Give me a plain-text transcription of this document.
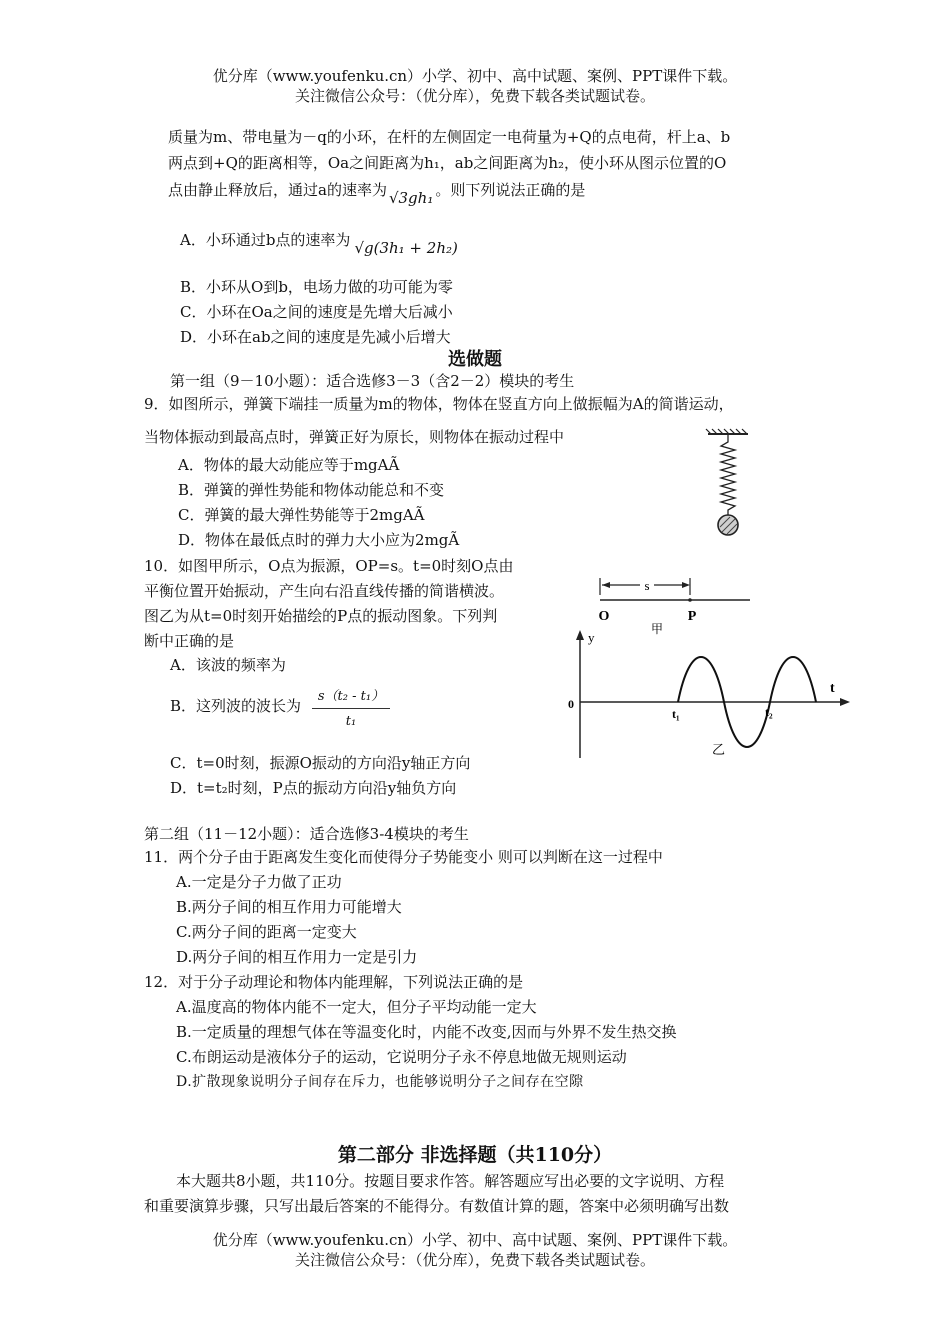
优分库（www.youfenku.cn）小学、初中、高中试题、案例、PPT课件下载。
关注微信公众号：（优分库），免费下载各类试题试卷。
质量为m、带电量为－q的小环，在杆的左侧固定一电荷量为+Q的点电荷，杆上a、b
两点到+Q的距离相等，Oa之间距离为h₁，ab之间距离为h₂，使小环从图示位置的O
点由静止释放后，通过a的速率为 √3gh₁ 。则下列说法正确的是
A．小环通过b点的速率为 √g(3h₁ + 2h₂)
B．小环从O到b，电场力做的功可能为零
C．小环在Oa之间的速度是先增大后减小
D．小环在ab之间的速度是先减小后增大
选做题
第一组（9－10小题）：适合选修3－3（含2－2）模块的考生
9．如图所示，弹簧下端挂一质量为m的物体，物体在竖直方向上做振幅为A的简谐运动，
当物体振动到最高点时，弹簧正好为原长，则物体在振动过程中
A．物体的最大动能应等于mgAÃ
B．弹簧的弹性势能和物体动能总和不变
C．弹簧的最大弹性势能等于2mgAÃ
D．物体在最低点时的弹力大小应为2mgÃ
10．如图甲所示，O点为振源，OP=s。t=0时刻O点由
平衡位置开始振动，产生向右沿直线传播的简谐横波。
图乙为从t=0时刻开始描绘的P点的振动图象。下列判
断中正确的是
A．该波的频率为
B．这列波的波长为 $\frac{\text{s（t₂ - t₁）}}{\text{t₁}}$
C．t=0时刻，振源O振动的方向沿y轴正方向
D．t=t₂时刻，P点的振动方向沿y轴负方向
s
O	P
甲
y
t
0
t₁	t₂
乙
第二组（11－12小题）：适合选修3-4模块的考生
11．两个分子由于距离发生变化而使得分子势能变小 则可以判断在这一过程中
A.一定是分子力做了正功
B.两分子间的相互作用力可能增大
C.两分子间的距离一定变大
D.两分子间的相互作用力一定是引力
12．对于分子动理论和物体内能理解，下列说法正确的是
A.温度高的物体内能不一定大，但分子平均动能一定大
B.一定质量的理想气体在等温变化时，内能不改变,因而与外界不发生热交换
C.布朗运动是液体分子的运动，它说明分子永不停息地做无规则运动
D.扩散现象说明分子间存在斥力，也能够说明分子之间存在空隙
第二部分 非选择题（共110分）
本大题共8小题，共110分。按题目要求作答。解答题应写出必要的文字说明、方程
和重要演算步骤，只写出最后答案的不能得分。有数值计算的题，答案中必须明确写出数
优分库（www.youfenku.cn）小学、初中、高中试题、案例、PPT课件下载。
关注微信公众号：（优分库），免费下载各类试题试卷。
